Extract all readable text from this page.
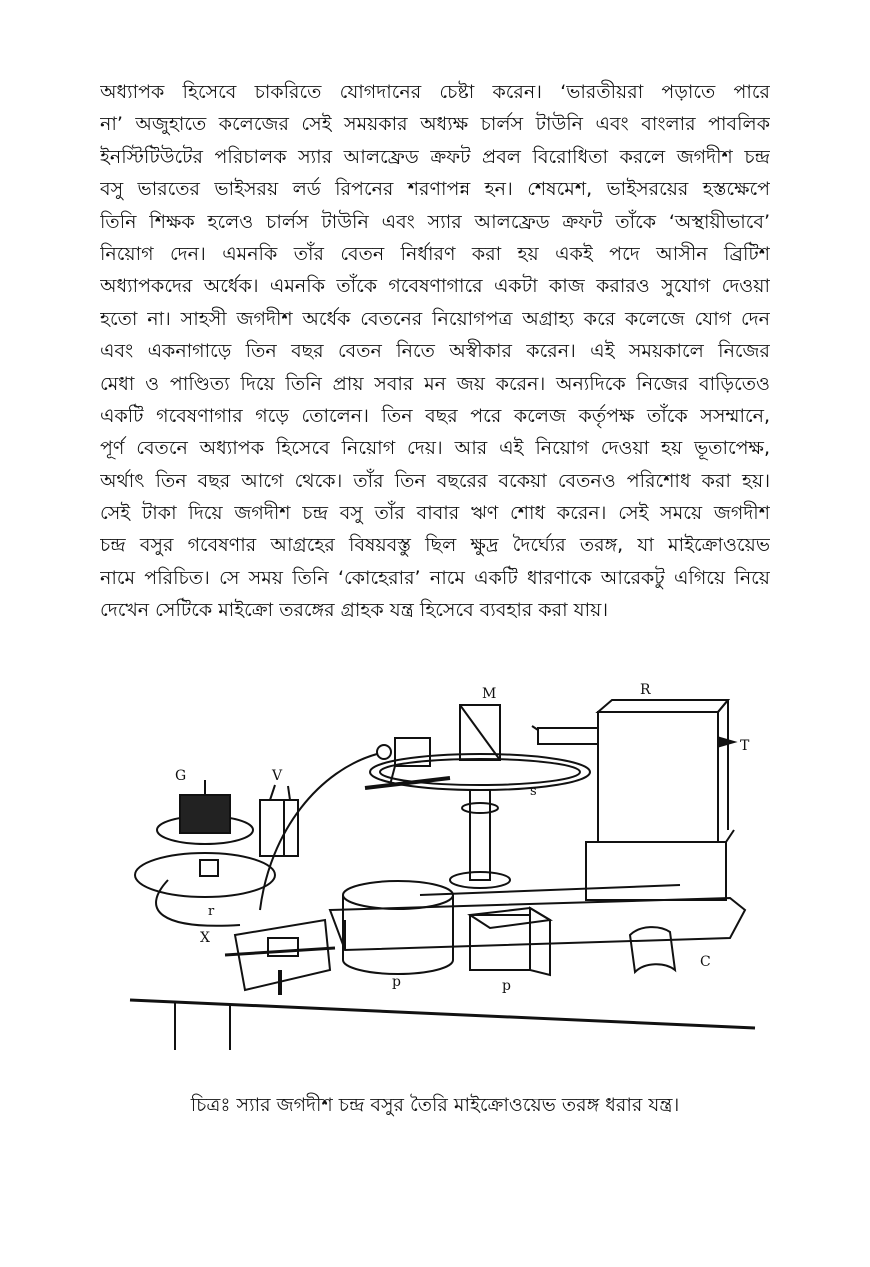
অধ্যাপক হিসেবে চাকরিতে যোগদানের চেষ্টা করেন। ‘ভারতীয়রা পড়াতে পারে
না’ অজুহাতে কলেজের সেই সময়কার অধ্যক্ষ চার্লস টাউনি এবং বাংলার পাবলিক
ইনস্টিটিউটের পরিচালক স্যার আলফ্রেড ক্রফট প্রবল বিরোধিতা করলে জগদীশ চন্দ্র
বসু ভারতের ভাইসরয় লর্ড রিপনের শরণাপন্ন হন। শেষমেশ, ভাইসরয়ের হস্তক্ষেপে
তিনি শিক্ষক হলেও চার্লস টাউনি এবং স্যার আলফ্রেড ক্রফট তাঁকে ‘অস্থায়ীভাবে’
নিয়োগ দেন। এমনকি তাঁর বেতন নির্ধারণ করা হয় একই পদে আসীন ব্রিটিশ
অধ্যাপকদের অর্ধেক। এমনকি তাঁকে গবেষণাগারে একটা কাজ করারও সুযোগ দেওয়া
হতো না। সাহসী জগদীশ অর্ধেক বেতনের নিয়োগপত্র অগ্রাহ্য করে কলেজে যোগ দেন
এবং একনাগাড়ে তিন বছর বেতন নিতে অস্বীকার করেন। এই সময়কালে নিজের
মেধা ও পাণ্ডিত্য দিয়ে তিনি প্রায় সবার মন জয় করেন। অন্যদিকে নিজের বাড়িতেও
একটি গবেষণাগার গড়ে তোলেন। তিন বছর পরে কলেজ কর্তৃপক্ষ তাঁকে সসম্মানে,
পূর্ণ বেতনে অধ্যাপক হিসেবে নিয়োগ দেয়। আর এই নিয়োগ দেওয়া হয় ভূতাপেক্ষ,
অর্থাৎ তিন বছর আগে থেকে। তাঁর তিন বছরের বকেয়া বেতনও পরিশোধ করা হয়।
সেই টাকা দিয়ে জগদীশ চন্দ্র বসু তাঁর বাবার ঋণ শোধ করেন। সেই সময়ে জগদীশ
চন্দ্র বসুর গবেষণার আগ্রহের বিষয়বস্তু ছিল ক্ষুদ্র দৈর্ঘ্যের তরঙ্গ, যা মাইক্রোওয়েভ
নামে পরিচিত। সে সময় তিনি ‘কোহেরার’ নামে একটি ধারণাকে আরেকটু এগিয়ে নিয়ে
দেখেন সেটিকে মাইক্রো তরঙ্গের গ্রাহক যন্ত্র হিসেবে ব্যবহার করা যায়।
M	R
T
G	V
X
C
p	p
s
r
চিত্রঃ স্যার জগদীশ চন্দ্র বসুর তৈরি মাইক্রোওয়েভ তরঙ্গ ধরার যন্ত্র।
